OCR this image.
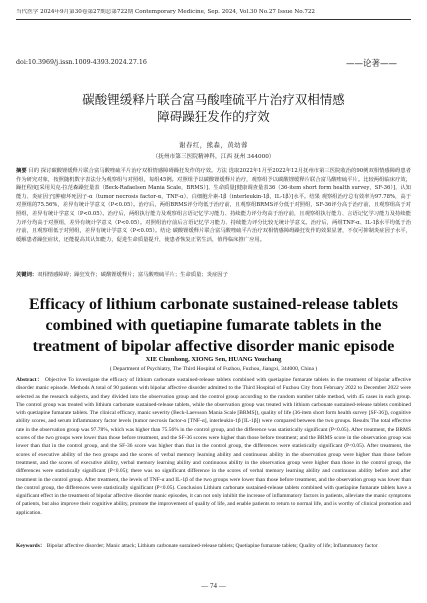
当代医学 2024年9月第30卷第27期总第722期 Contemporary Medicine, Sep. 2024, Vol.30 No.27 Issue No.722
doi:10.3969/j.issn.1009-4393.2024.27.16	——论著——
碳酸锂缓释片联合富马酸喹硫平片治疗双相情感
障碍躁狂发作的疗效
谢春红，熊森，黄幼蓉
（抚州市第三医院精神科，江西 抚州 344000）
摘要 目的 探讨碳酸锂缓释片联合富马酸喹硫平片治疗双相情感障碍躁狂发作的疗效。方法 选取2022年1月至2022年12月抚州市第三医院收治的90例双相情感障碍患者作为研究对象，按照随机数字表法分为观察组与对照组，每组45例。对照组予以碳酸锂缓释片治疗，观察组予以碳酸锂缓释片联合富马酸喹硫平片。比较两组临床疗效，躁狂程度[采用贝克-拉范森躁狂量表（Beck-Rafaelsen Mania Scale，BRMS）]、生命质量[健康调查量表36（36-item short form health survey，SF-36）]、认知能力、炎症因子[肿瘤坏死因子-α（tumor necrosis factor-α，TNF-α）、白细胞介素-1β（interleukin-1β，IL-1β）]水平。结果 观察组治疗总有效率为97.78%，高于对照组的75.56%，差异有统计学意义（P<0.05）。治疗后，两组BRMS评分均低于治疗前，且观察组BRMS评分低于对照组，SF-36评分高于治疗前，且观察组高于对照组，差异有统计学意义（P<0.05）。治疗后，两组执行能力及观察组言语记忆学习能力、持续能力评分均高于治疗前，且观察组执行能力、言语记忆学习能力及持续能力评分均高于对照组，差异有统计学意义（P<0.05）。对照组治疗前后言语记忆学习能力、持续能力评分比较无统计学意义。治疗后，两组TNF-α、IL-1β水平均低于治疗前，且观察组低于对照组，差异有统计学意义（P<0.05）。结论 碳酸锂缓释片联合富马酸喹硫平片治疗双相情感障碍躁狂发作的效果显著，不仅可抑制炎症因子水平，缓解患者躁狂症状，还能提高其认知能力，促进生命质量提升，使患者恢复正常生活，值得临床推广应用。
关键词：双相情感障碍；躁狂发作；碳酸锂缓释片；富马酸喹硫平片；生命质量；炎症因子
Efficacy of lithium carbonate sustained-release tablets
combined with quetiapine fumarate tablets in the
treatment of bipolar affective disorder manic episode
XIE Chunhong, XIONG Sen, HUANG Youchang
( Department of Psychiatry, The Third Hospital of Fuzhou, Fuzhou, Jiangxi, 344000, China )
Abstract： Objective To investigate the efficacy of lithium carbonate sustained-release tablets combined with quetiapine fumarate tablets in the treatment of bipolar affective disorder manic episode. Methods A total of 90 patients with bipolar affective disorder admitted to the Third Hospital of Fuzhou City from February 2022 to December 2022 were selected as the research subjects, and they divided into the observation group and the control group according to the random number table method, with 45 cases in each group. The control group was treated with lithium carbonate sustained-release tablets, while the observation group was treated with lithium carbonate sustained-release tablets combined with quetiapine fumarate tablets. The clinical efficacy, manic severity (Beck-Laevsson Mania Scale [BRMS]), quality of life (36-item short form health survey [SF-36]), cognitive ability scores, and serum inflammatory factor levels (tumor necrosis factor-α [TNF-α], interleukin-1β [IL-1β]) were compared between the two groups. Results The total effective rate in the observation group was 97.78%, which was higher than 75.56% in the control group, and the difference was statistically significant (P<0.05). After treatment, the BRMS scores of the two groups were lower than those before treatment, and the SF-36 scores were higher than those before treatment; and the BRMS score in the observation group was lower than that in the control group, and the SF-36 score was higher than that in the control group, the differences were statistically significant (P<0.05). After treatment, the scores of executive ability of the two groups and the scores of verbal memory learning ability and continuous ability in the observation group were higher than those before treatment, and the scores of executive ability, verbal memory learning ability and continuous ability in the observation group were higher than those in the control group, the differences were statistically significant (P<0.05); there was no significant difference in the scores of verbal memory learning ability and continuous ability before and after treatment in the control group. After treatment, the levels of TNF-α and IL-1β of the two groups were lower than those before treatment, and the observation group was lower than the control group, the differences were statistically significant (P<0.05). Conclusion Lithium carbonate sustained-release tablets combined with quetiapine fumarate tablets have a significant effect in the treatment of bipolar affective disorder manic episodes, it can not only inhibit the increase of inflammatory factors in patients, alleviate the manic symptoms of patients, but also improve their cognitive ability, promote the improvement of quality of life, and enable patients to return to normal life, and is worthy of clinical promotion and application.
Keywords： Bipolar affective disorder; Manic attack; Lithium carbonate sustained-release tablets; Quetiapine fumarate tablets; Quality of life; Inflammatory factor
— 74 —
